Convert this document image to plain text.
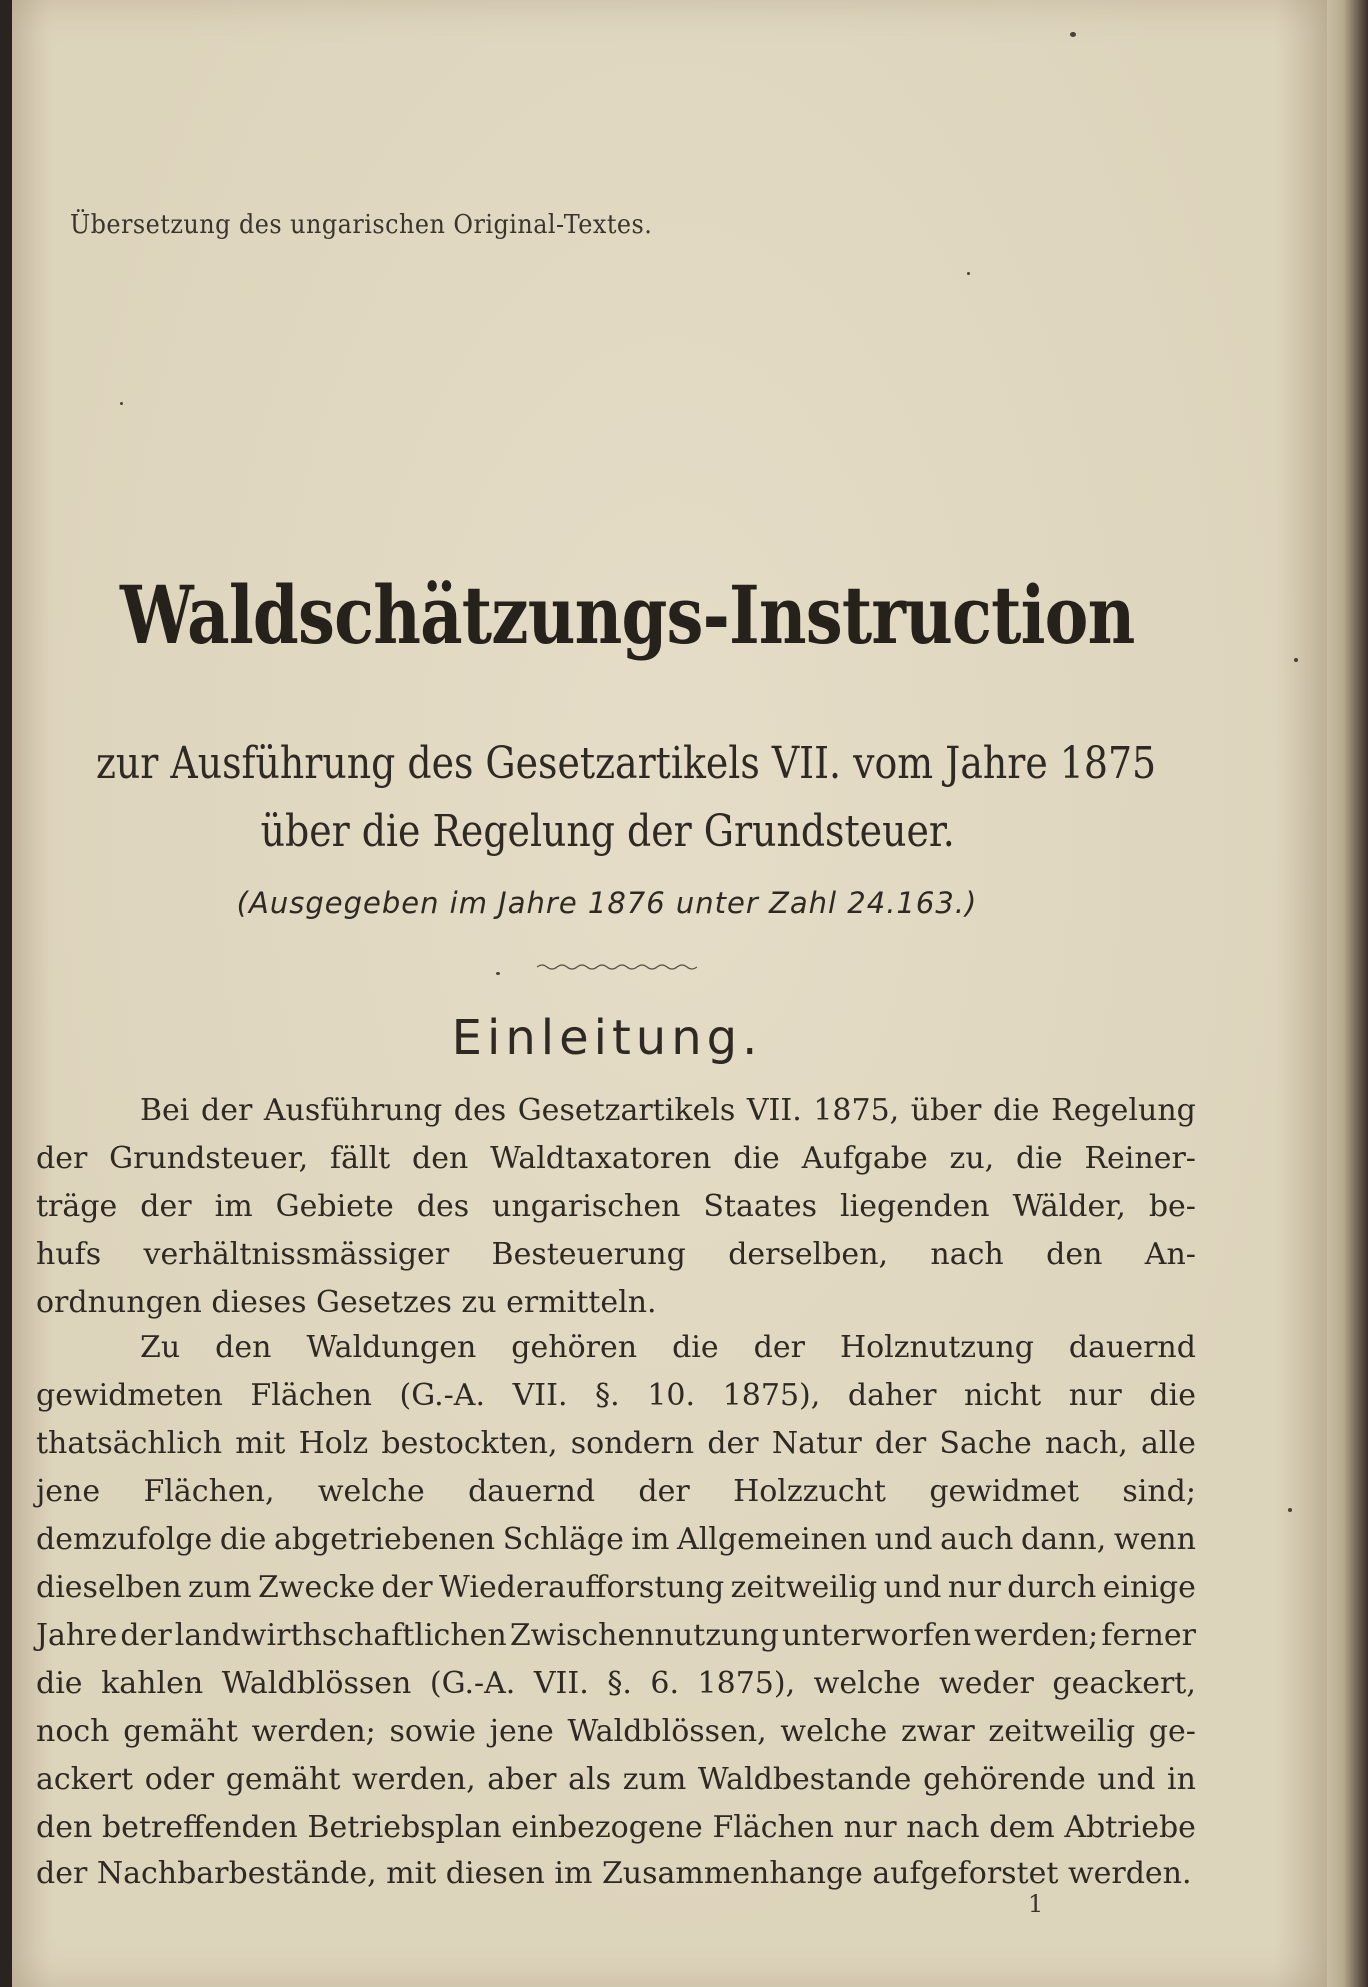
Übersetzung des ungarischen Original-Textes.
Waldschätzungs-Instruction
zur Ausführung des Gesetzartikels VII. vom Jahre 1875
über die Regelung der Grundsteuer.
(Ausgegeben im Jahre 1876 unter Zahl 24.163.)
Einleitung.
Bei der Ausführung des Gesetzartikels VII. 1875, über die Regelung
der Grundsteuer, fällt den Waldtaxatoren die Aufgabe zu, die Reiner-
träge der im Gebiete des ungarischen Staates liegenden Wälder, be-
hufs verhältnissmässiger Besteuerung derselben, nach den An-
ordnungen dieses Gesetzes zu ermitteln.
Zu den Waldungen gehören die der Holznutzung dauernd
gewidmeten Flächen (G.-A. VII. §. 10. 1875), daher nicht nur die
thatsächlich mit Holz bestockten, sondern der Natur der Sache nach, alle
jene Flächen, welche dauernd der Holzzucht gewidmet sind;
demzufolge die abgetriebenen Schläge im Allgemeinen und auch dann, wenn
dieselben zum Zwecke der Wiederaufforstung zeitweilig und nur durch einige
Jahre der landwirthschaftlichen Zwischennutzung unterworfen werden; ferner
die kahlen Waldblössen (G.-A. VII. §. 6. 1875), welche weder geackert,
noch gemäht werden; sowie jene Waldblössen, welche zwar zeitweilig ge-
ackert oder gemäht werden, aber als zum Waldbestande gehörende und in
den betreffenden Betriebsplan einbezogene Flächen nur nach dem Abtriebe
der Nachbarbestände, mit diesen im Zusammenhange aufgeforstet werden.
1
